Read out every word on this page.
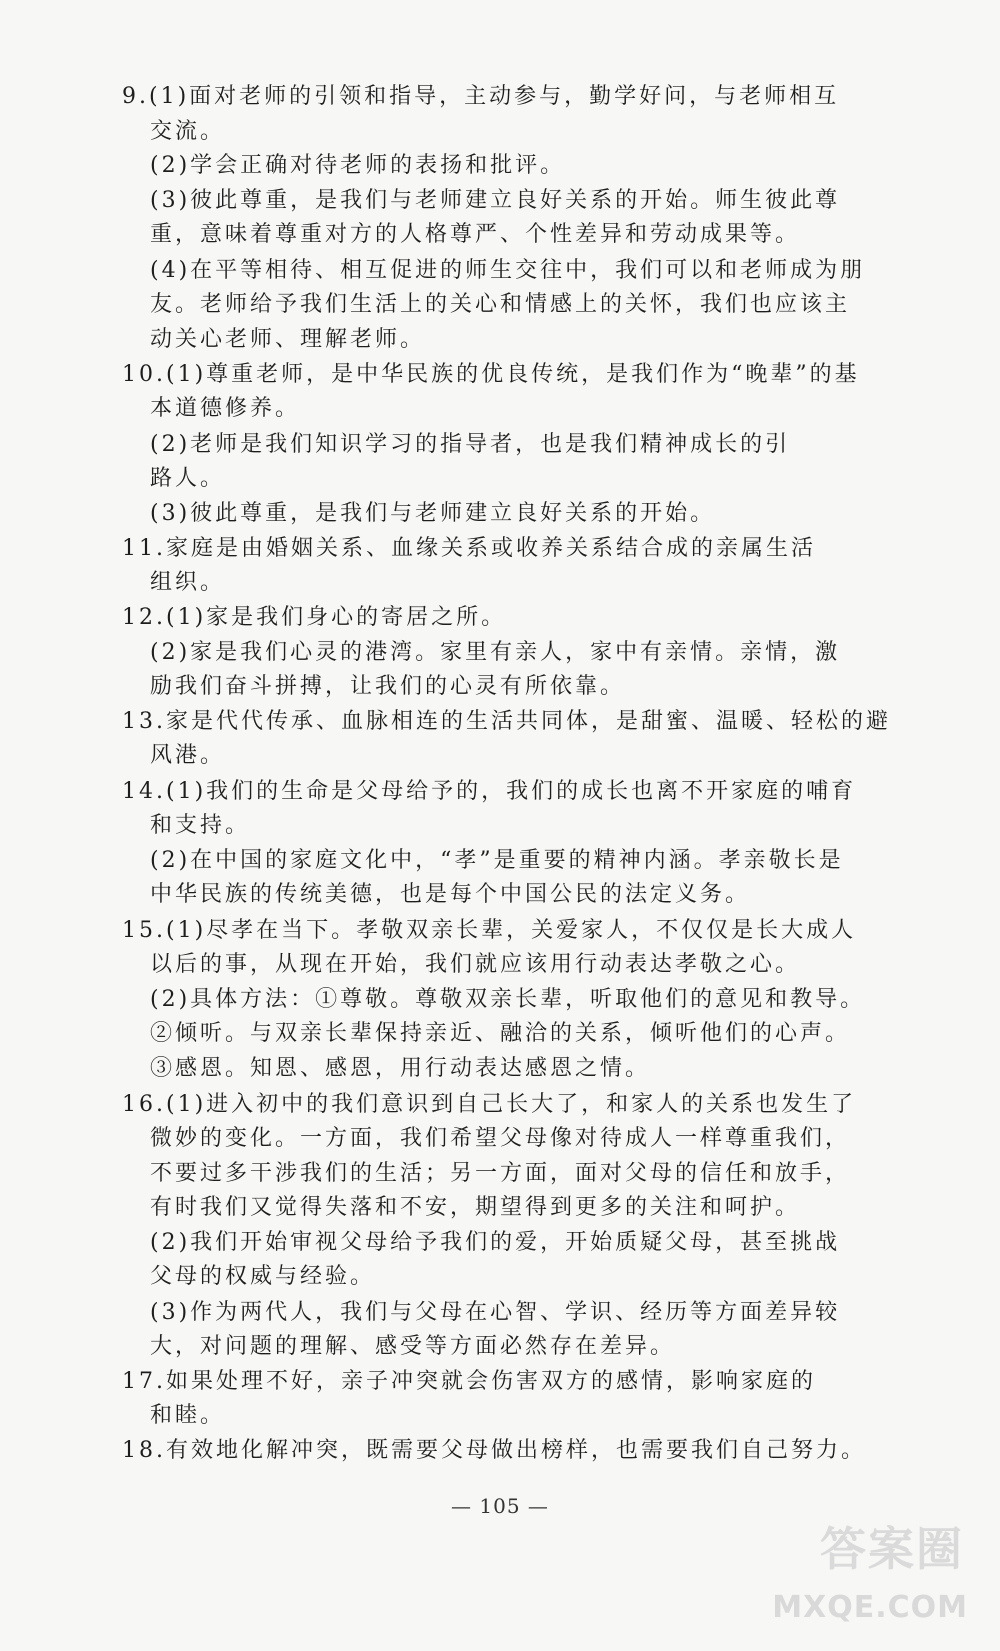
9.(1)面对老师的引领和指导，主动参与，勤学好问，与老师相互
交流。
(2)学会正确对待老师的表扬和批评。
(3)彼此尊重，是我们与老师建立良好关系的开始。师生彼此尊
重，意味着尊重对方的人格尊严、个性差异和劳动成果等。
(4)在平等相待、相互促进的师生交往中，我们可以和老师成为朋
友。老师给予我们生活上的关心和情感上的关怀，我们也应该主
动关心老师、理解老师。
10.(1)尊重老师，是中华民族的优良传统，是我们作为“晚辈”的基
本道德修养。
(2)老师是我们知识学习的指导者，也是我们精神成长的引
路人。
(3)彼此尊重，是我们与老师建立良好关系的开始。
11.家庭是由婚姻关系、血缘关系或收养关系结合成的亲属生活
组织。
12.(1)家是我们身心的寄居之所。
(2)家是我们心灵的港湾。家里有亲人，家中有亲情。亲情，激
励我们奋斗拼搏，让我们的心灵有所依靠。
13.家是代代传承、血脉相连的生活共同体，是甜蜜、温暖、轻松的避
风港。
14.(1)我们的生命是父母给予的，我们的成长也离不开家庭的哺育
和支持。
(2)在中国的家庭文化中，“孝”是重要的精神内涵。孝亲敬长是
中华民族的传统美德，也是每个中国公民的法定义务。
15.(1)尽孝在当下。孝敬双亲长辈，关爱家人，不仅仅是长大成人
以后的事，从现在开始，我们就应该用行动表达孝敬之心。
(2)具体方法：①尊敬。尊敬双亲长辈，听取他们的意见和教导。
②倾听。与双亲长辈保持亲近、融洽的关系，倾听他们的心声。
③感恩。知恩、感恩，用行动表达感恩之情。
16.(1)进入初中的我们意识到自己长大了，和家人的关系也发生了
微妙的变化。一方面，我们希望父母像对待成人一样尊重我们，
不要过多干涉我们的生活；另一方面，面对父母的信任和放手，
有时我们又觉得失落和不安，期望得到更多的关注和呵护。
(2)我们开始审视父母给予我们的爱，开始质疑父母，甚至挑战
父母的权威与经验。
(3)作为两代人，我们与父母在心智、学识、经历等方面差异较
大，对问题的理解、感受等方面必然存在差异。
17.如果处理不好，亲子冲突就会伤害双方的感情，影响家庭的
和睦。
18.有效地化解冲突，既需要父母做出榜样，也需要我们自己努力。
— 105 —
答案圈
MXQE.COM
